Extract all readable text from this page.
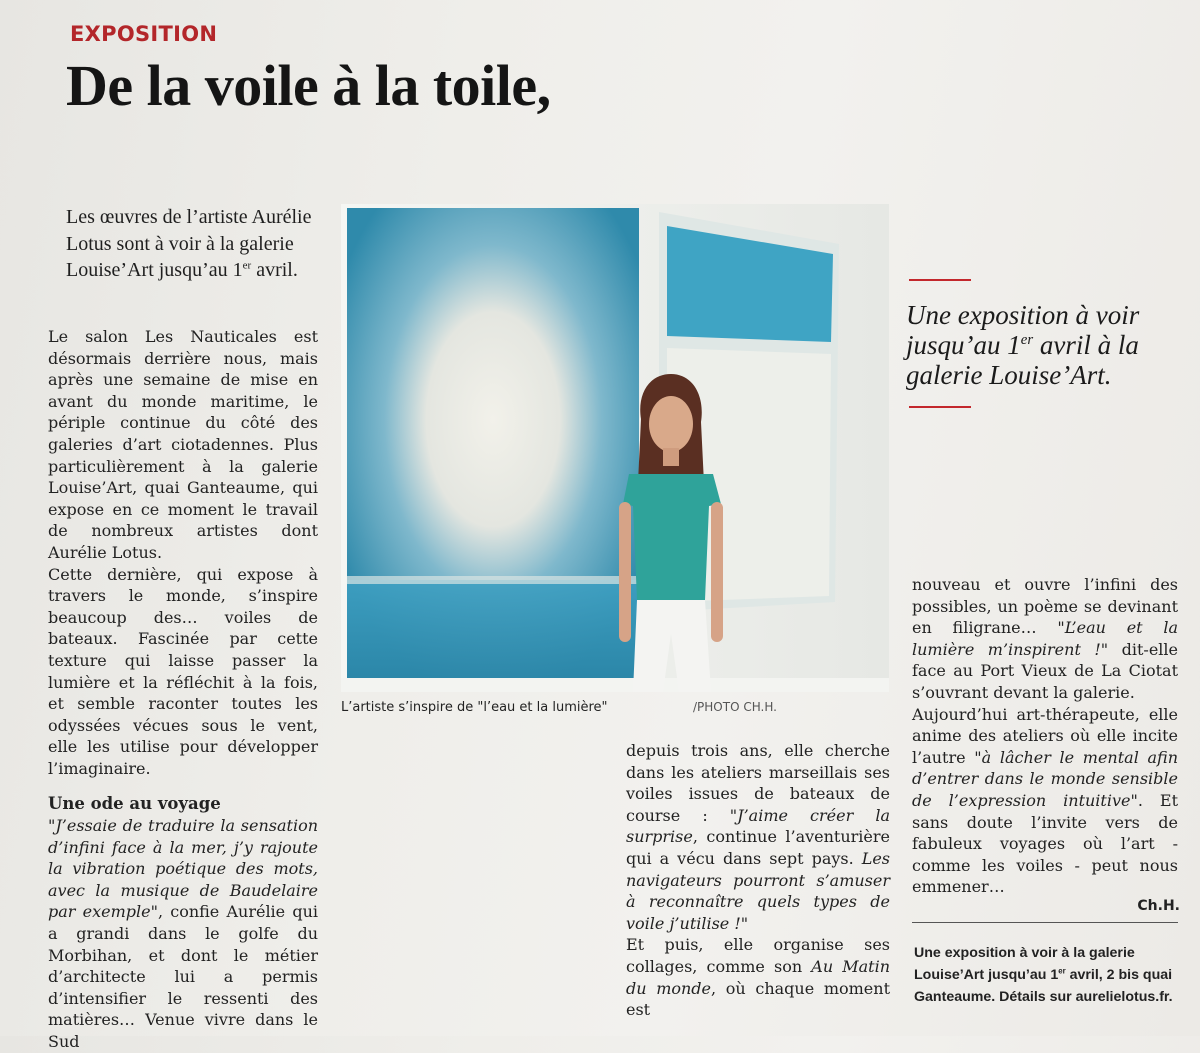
EXPOSITION
De la voile à la toile,
Les œuvres de l’artiste Aurélie Lotus sont à voir à la galerie Louise’Art jusqu’au 1er avril.

Le salon Les Nauticales est désormais derrière nous, mais après une semaine de mise en avant du monde maritime, le périple continue du côté des galeries d’art ciotadennes. Plus particulièrement à la galerie Louise’Art, quai Ganteaume, qui expose en ce moment le travail de nombreux artistes dont Aurélie Lotus.

Cette dernière, qui expose à travers le monde, s’inspire beaucoup des… voiles de bateaux. Fascinée par cette texture qui laisse passer la lumière et la réfléchit à la fois, et semble raconter toutes les odyssées vécues sous le vent, elle les utilise pour développer l’imaginaire.

Une ode au voyage

"J’essaie de traduire la sensation d’infini face à la mer, j’y rajoute la vibration poétique des mots, avec la musique de Baudelaire par exemple", confie Aurélie qui a grandi dans le golfe du Morbihan, et dont le métier d’architecte lui a permis d’intensifier le ressenti des matières… Venue vivre dans le Sud

L’artiste s’inspire de "l’eau et la lumière"	/PHOTO CH.H.
Une exposition à voir jusqu’au 1er avril à la galerie Louise’Art.

depuis trois ans, elle cherche dans les ateliers marseillais ses voiles issues de bateaux de course : "J’aime créer la surprise, continue l’aventurière qui a vécu dans sept pays. Les navigateurs pourront s’amuser à reconnaître quels types de voile j’utilise !"

Et puis, elle organise ses collages, comme son Au Matin du monde, où chaque moment est

nouveau et ouvre l’infini des possibles, un poème se devinant en filigrane… "L’eau et la lumière m’inspirent !" dit-elle face au Port Vieux de La Ciotat s’ouvrant devant la galerie.

Aujourd’hui art-thérapeute, elle anime des ateliers où elle incite l’autre "à lâcher le mental afin d’entrer dans le monde sensible de l’expression intuitive". Et sans doute l’invite vers de fabuleux voyages où l’art - comme les voiles - peut nous emmener…

Ch.H.
Une exposition à voir à la galerie Louise’Art jusqu’au 1er avril, 2 bis quai Ganteaume. Détails sur aurelielotus.fr.
